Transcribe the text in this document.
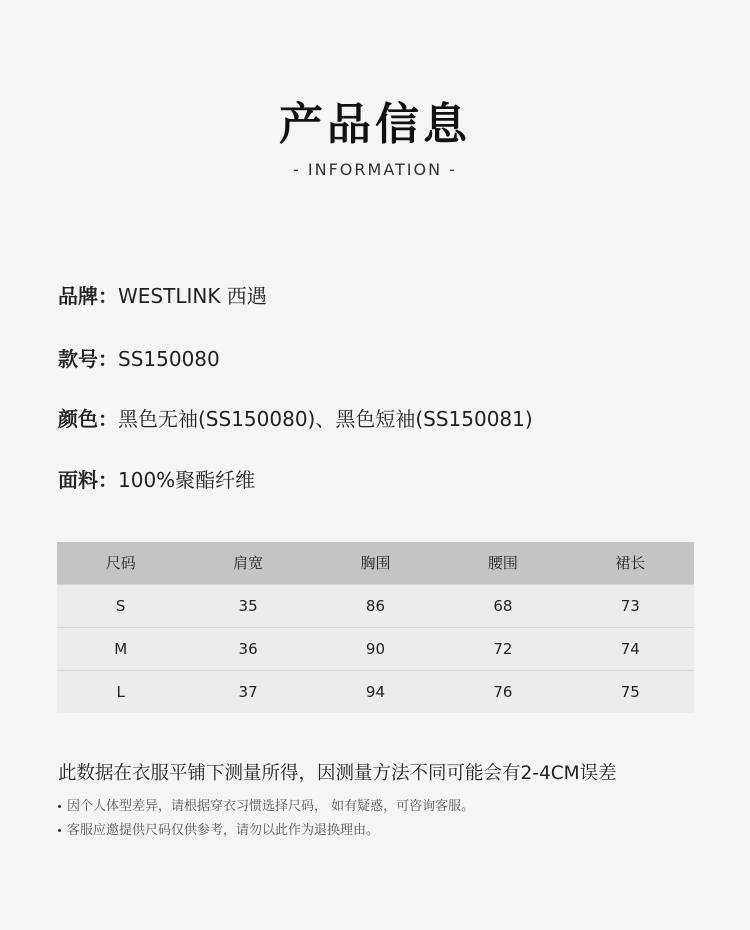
产品信息
- INFORMATION -
品牌：WESTLINK 西遇
款号：SS150080
颜色：黑色无袖(SS150080)、黑色短袖(SS150081)
面料：100%聚酯纤维
尺码	肩宽	胸围	腰围	裙长
S	35	86	68	73
M	36	90	72	74
L	37	94	76	75
此数据在衣服平铺下测量所得，因测量方法不同可能会有2-4CM误差
因个人体型差异，请根据穿衣习惯选择尺码， 如有疑惑，可咨询客服。
客服应邀提供尺码仅供参考，请勿以此作为退换理由。
